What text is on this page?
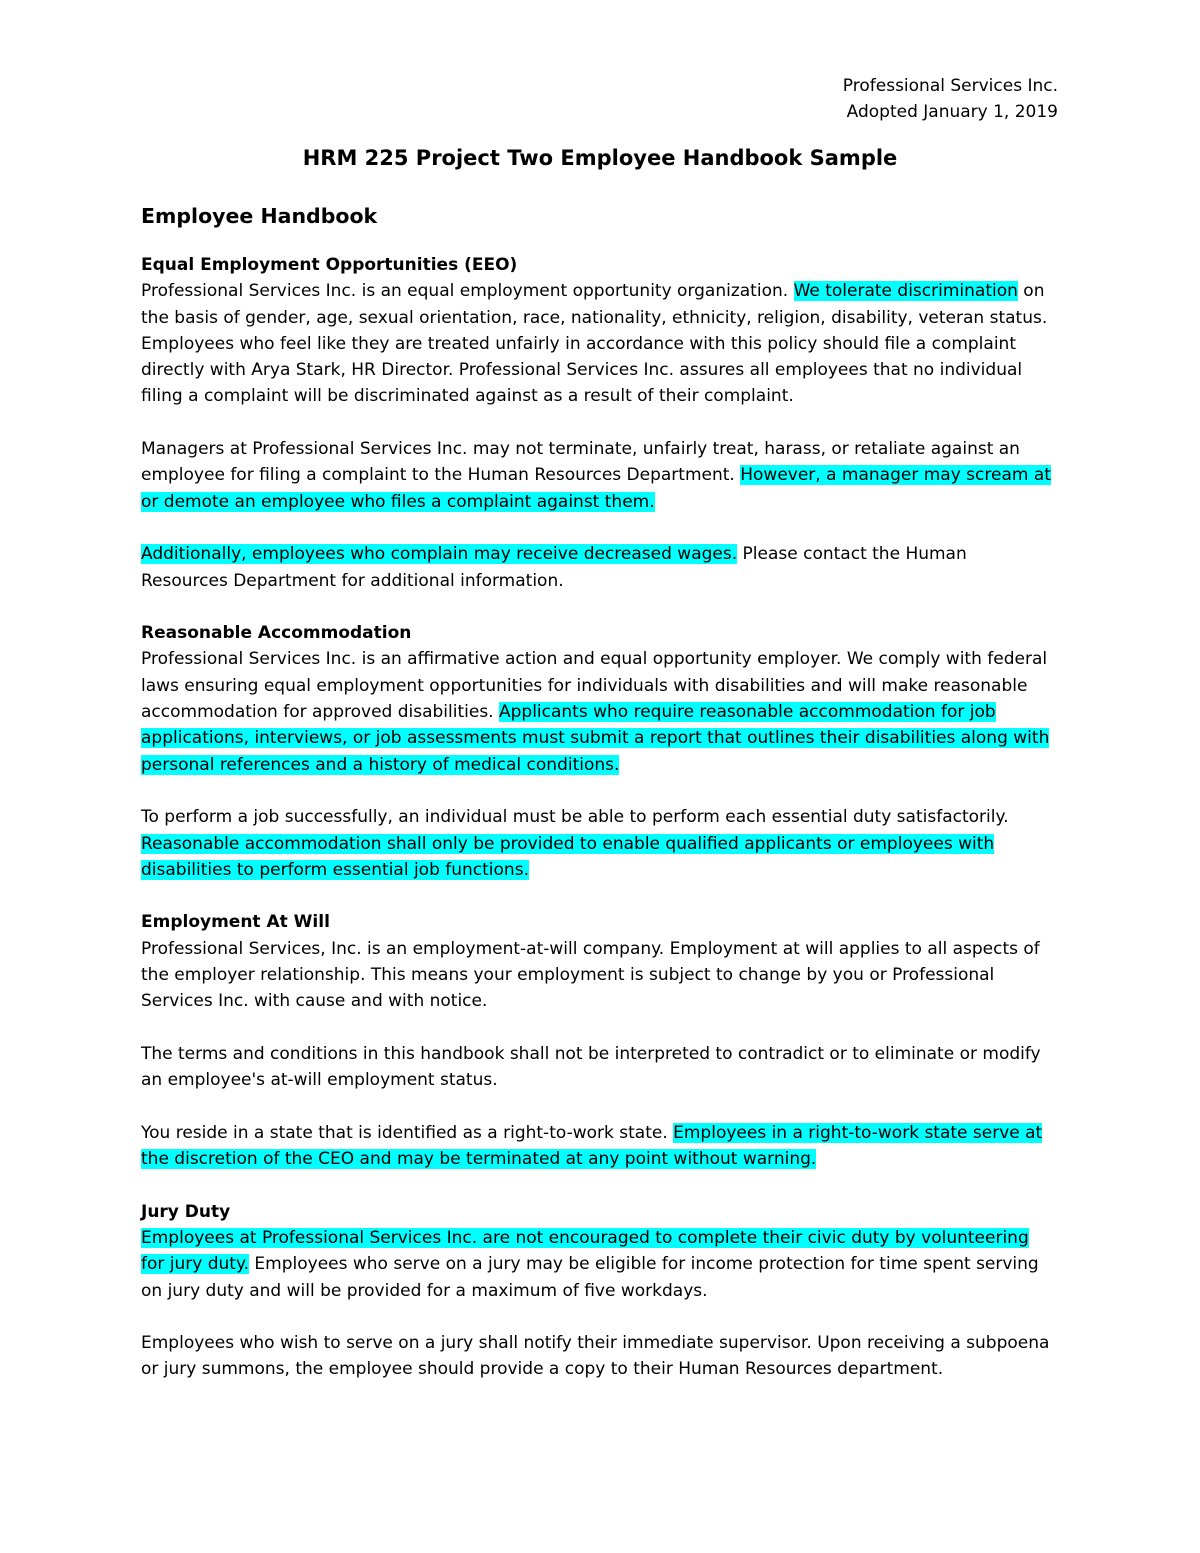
Professional Services Inc.
Adopted January 1, 2019
HRM 225 Project Two Employee Handbook Sample
Employee Handbook
Equal Employment Opportunities (EEO)
Professional Services Inc. is an equal employment opportunity organization. We tolerate discrimination on the basis of gender, age, sexual orientation, race, nationality, ethnicity, religion, disability, veteran status. Employees who feel like they are treated unfairly in accordance with this policy should file a complaint directly with Arya Stark, HR Director. Professional Services Inc. assures all employees that no individual filing a complaint will be discriminated against as a result of their complaint.
Managers at Professional Services Inc. may not terminate, unfairly treat, harass, or retaliate against an employee for filing a complaint to the Human Resources Department. However, a manager may scream at or demote an employee who files a complaint against them.
Additionally, employees who complain may receive decreased wages. Please contact the Human Resources Department for additional information.
Reasonable Accommodation
Professional Services Inc. is an affirmative action and equal opportunity employer. We comply with federal laws ensuring equal employment opportunities for individuals with disabilities and will make reasonable accommodation for approved disabilities. Applicants who require reasonable accommodation for job applications, interviews, or job assessments must submit a report that outlines their disabilities along with personal references and a history of medical conditions.
To perform a job successfully, an individual must be able to perform each essential duty satisfactorily. Reasonable accommodation shall only be provided to enable qualified applicants or employees with disabilities to perform essential job functions.
Employment At Will
Professional Services, Inc. is an employment-at-will company. Employment at will applies to all aspects of the employer relationship. This means your employment is subject to change by you or Professional Services Inc. with cause and with notice.
The terms and conditions in this handbook shall not be interpreted to contradict or to eliminate or modify an employee's at-will employment status.
You reside in a state that is identified as a right-to-work state. Employees in a right-to-work state serve at the discretion of the CEO and may be terminated at any point without warning.
Jury Duty
Employees at Professional Services Inc. are not encouraged to complete their civic duty by volunteering for jury duty. Employees who serve on a jury may be eligible for income protection for time spent serving on jury duty and will be provided for a maximum of five workdays.
Employees who wish to serve on a jury shall notify their immediate supervisor. Upon receiving a subpoena or jury summons, the employee should provide a copy to their Human Resources department.
